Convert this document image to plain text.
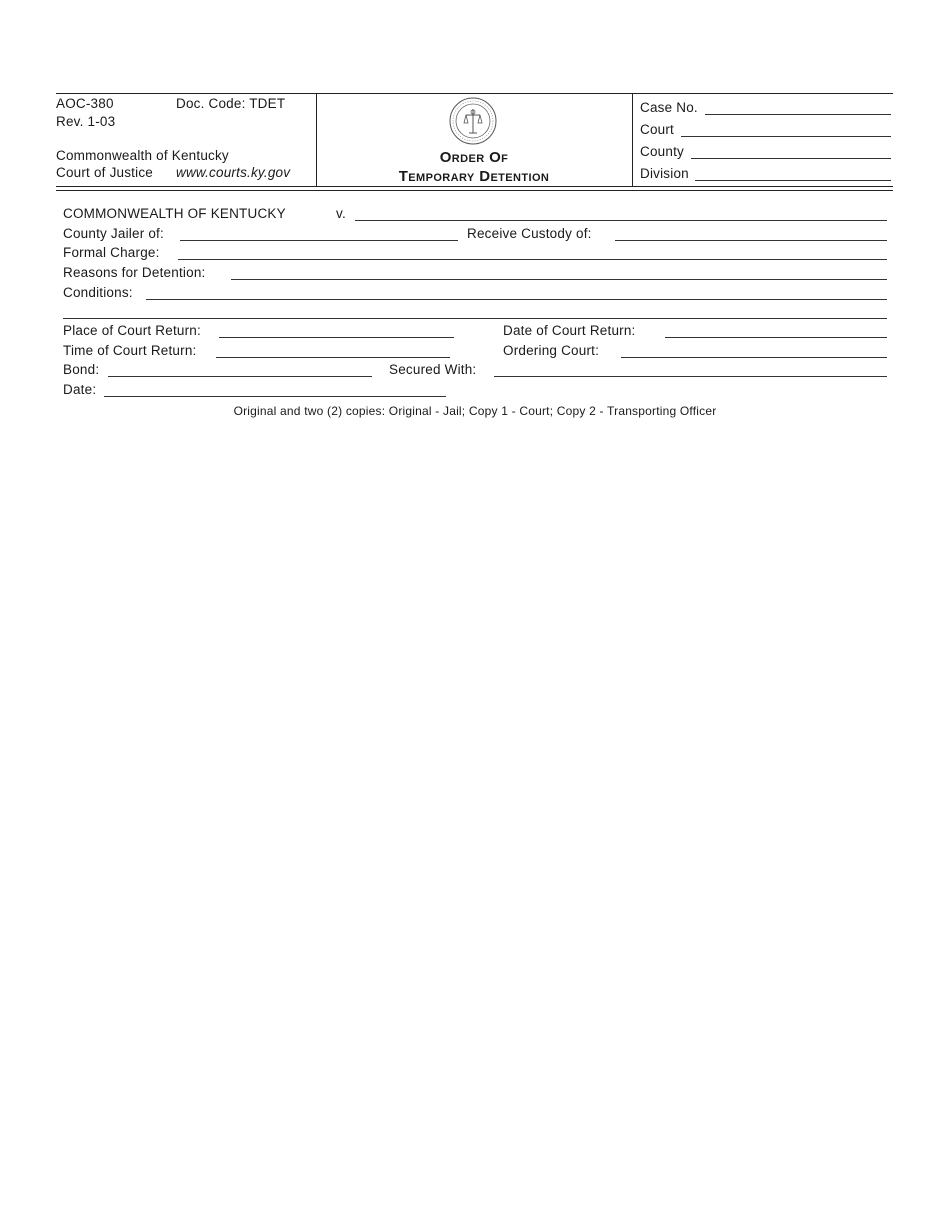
AOC-380	Doc. Code: TDET
Rev. 1-03
Commonwealth of Kentucky
Court of Justice www.courts.ky.gov
Order Of
Temporary Detention
Case No.
Court
County
Division
COMMONWEALTH OF KENTUCKY	v.
County Jailer of:	Receive Custody of:
Formal Charge:
Reasons for Detention:
Conditions:
Place of Court Return:	Date of Court Return:
Time of Court Return:	Ordering Court:
Bond:	Secured With:
Date:
Original and two (2) copies: Original - Jail; Copy 1 - Court; Copy 2 - Transporting Officer
